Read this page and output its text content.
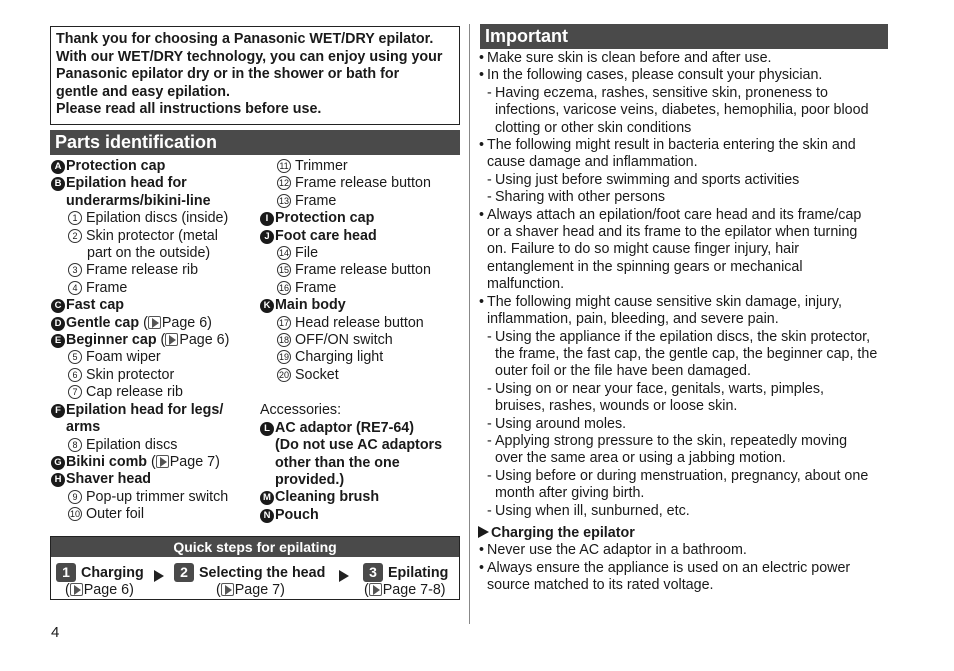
Thank you for choosing a Panasonic WET/DRY epilator.
With our WET/DRY technology, you can enjoy using your
Panasonic epilator dry or in the shower or bath for
gentle and easy epilation.
Please read all instructions before use.
Parts identification
A Protection cap
B Epilation head for
underarms/bikini-line
1 Epilation discs (inside)
2 Skin protector (metal
part on the outside)
3 Frame release rib
4 Frame
C Fast cap
D Gentle cap ( Page 6)
E Beginner cap ( Page 6)
5 Foam wiper
6 Skin protector
7 Cap release rib
F Epilation head for legs/
arms
8 Epilation discs
G Bikini comb ( Page 7)
H Shaver head
9 Pop-up trimmer switch
10 Outer foil
11 Trimmer
12 Frame release button
13 Frame
I Protection cap
J Foot care head
14 File
15 Frame release button
16 Frame
K Main body
17 Head release button
18 OFF/ON switch
19 Charging light
20 Socket
Accessories:
L AC adaptor (RE7-64)
(Do not use AC adaptors
other than the one
provided.)
M Cleaning brush
N Pouch
Quick steps for epilating
1 Charging
( Page 6)
2 Selecting the head
( Page 7)
3 Epilating
( Page 7-8)
Important
• Make sure skin is clean before and after use.
• In the following cases, please consult your physician.
- Having eczema, rashes, sensitive skin, proneness to
infections, varicose veins, diabetes, hemophilia, poor blood
clotting or other skin conditions
• The following might result in bacteria entering the skin and
cause damage and inflammation.
- Using just before swimming and sports activities
- Sharing with other persons
• Always attach an epilation/foot care head and its frame/cap
or a shaver head and its frame to the epilator when turning
on. Failure to do so might cause finger injury, hair
entanglement in the spinning gears or mechanical
malfunction.
• The following might cause sensitive skin damage, injury,
inflammation, pain, bleeding, and severe pain.
- Using the appliance if the epilation discs, the skin protector,
the frame, the fast cap, the gentle cap, the beginner cap, the
outer foil or the file have been damaged.
- Using on or near your face, genitals, warts, pimples,
bruises, rashes, wounds or loose skin.
- Using around moles.
- Applying strong pressure to the skin, repeatedly moving
over the same area or using a jabbing motion.
- Using before or during menstruation, pregnancy, about one
month after giving birth.
- Using when ill, sunburned, etc.
Charging the epilator
• Never use the AC adaptor in a bathroom.
• Always ensure the appliance is used on an electric power
source matched to its rated voltage.
4
